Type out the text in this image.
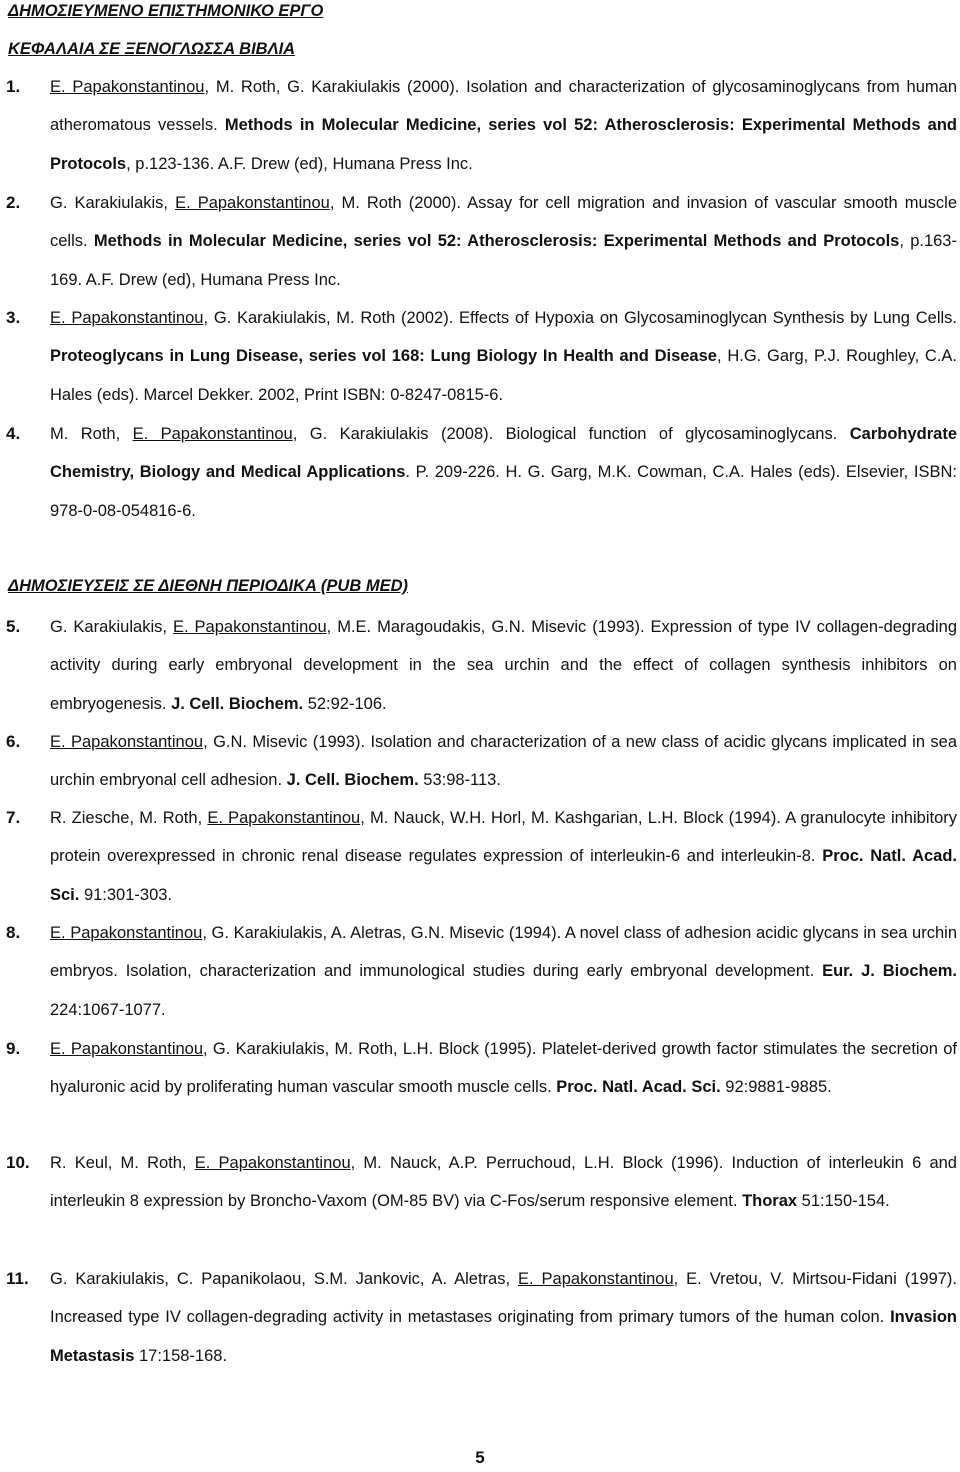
ΔΗΜΟΣΙΕΥΜΕΝΟ ΕΠΙΣΤΗΜΟΝΙΚΟ ΕΡΓΟ
ΚΕΦΑΛΑΙΑ ΣΕ ΞΕΝΟΓΛΩΣΣΑ ΒΙΒΛΙΑ
1. E. Papakonstantinou, M. Roth, G. Karakiulakis (2000). Isolation and characterization of glycosaminoglycans from human atheromatous vessels. Methods in Molecular Medicine, series vol 52: Atherosclerosis: Experimental Methods and Protocols, p.123-136. A.F. Drew (ed), Humana Press Inc.
2. G. Karakiulakis, E. Papakonstantinou, M. Roth (2000). Assay for cell migration and invasion of vascular smooth muscle cells. Methods in Molecular Medicine, series vol 52: Atherosclerosis: Experimental Methods and Protocols, p.163-169. A.F. Drew (ed), Humana Press Inc.
3. E. Papakonstantinou, G. Karakiulakis, M. Roth (2002). Effects of Hypoxia on Glycosaminoglycan Synthesis by Lung Cells. Proteoglycans in Lung Disease, series vol 168: Lung Biology In Health and Disease, H.G. Garg, P.J. Roughley, C.A. Hales (eds). Marcel Dekker. 2002, Print ISBN: 0-8247-0815-6.
4. M. Roth, E. Papakonstantinou, G. Karakiulakis (2008). Biological function of glycosaminoglycans. Carbohydrate Chemistry, Biology and Medical Applications. P. 209-226. H. G. Garg, M.K. Cowman, C.A. Hales (eds). Elsevier, ISBN: 978-0-08-054816-6.
ΔΗΜΟΣΙΕΥΣΕΙΣ ΣΕ ΔΙΕΘΝΗ ΠΕΡΙΟΔΙΚΑ (PUB MED)
5. G. Karakiulakis, E. Papakonstantinou, M.E. Maragoudakis, G.N. Misevic (1993). Expression of type IV collagen-degrading activity during early embryonal development in the sea urchin and the effect of collagen synthesis inhibitors on embryogenesis. J. Cell. Biochem. 52:92-106.
6. E. Papakonstantinou, G.N. Misevic (1993). Isolation and characterization of a new class of acidic glycans implicated in sea urchin embryonal cell adhesion. J. Cell. Biochem. 53:98-113.
7. R. Ziesche, M. Roth, E. Papakonstantinou, M. Nauck, W.H. Horl, M. Kashgarian, L.H. Block (1994). A granulocyte inhibitory protein overexpressed in chronic renal disease regulates expression of interleukin-6 and interleukin-8. Proc. Natl. Acad. Sci. 91:301-303.
8. E. Papakonstantinou, G. Karakiulakis, A. Aletras, G.N. Misevic (1994). A novel class of adhesion acidic glycans in sea urchin embryos. Isolation, characterization and immunological studies during early embryonal development. Eur. J. Biochem. 224:1067-1077.
9. E. Papakonstantinou, G. Karakiulakis, M. Roth, L.H. Block (1995). Platelet-derived growth factor stimulates the secretion of hyaluronic acid by proliferating human vascular smooth muscle cells. Proc. Natl. Acad. Sci. 92:9881-9885.
10. R. Keul, M. Roth, E. Papakonstantinou, M. Nauck, A.P. Perruchoud, L.H. Block (1996). Induction of interleukin 6 and interleukin 8 expression by Broncho-Vaxom (OM-85 BV) via C-Fos/serum responsive element. Thorax 51:150-154.
11. G. Karakiulakis, C. Papanikolaou, S.M. Jankovic, A. Aletras, E. Papakonstantinou, E. Vretou, V. Mirtsou-Fidani (1997). Increased type IV collagen-degrading activity in metastases originating from primary tumors of the human colon. Invasion Metastasis 17:158-168.
5
